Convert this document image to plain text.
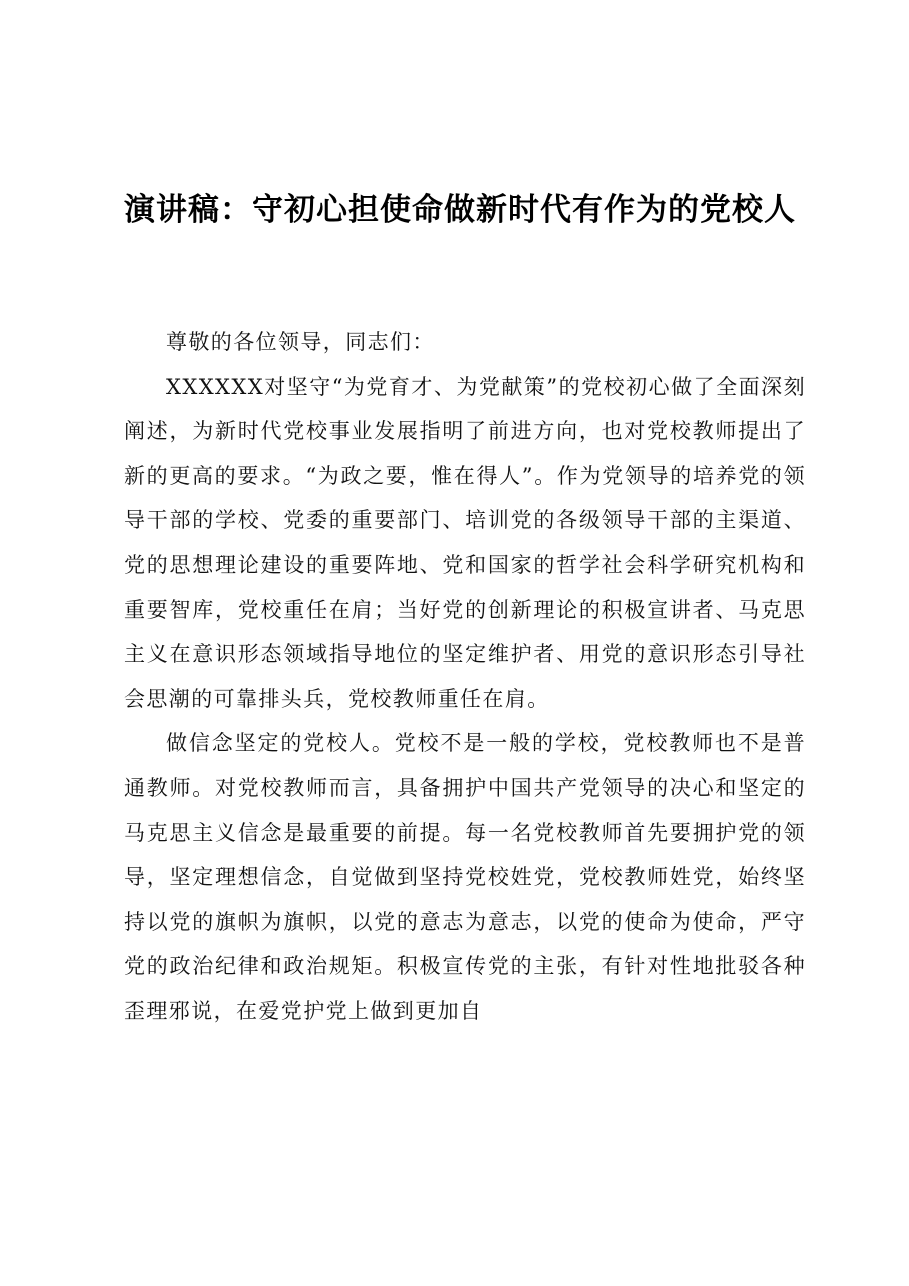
演讲稿：守初心担使命做新时代有作为的党校人

尊敬的各位领导，同志们：

XXXXXX对坚守“为党育才、为党献策”的党校初心做了全面深刻阐述，为新时代党校事业发展指明了前进方向，也对党校教师提出了新的更高的要求。“为政之要，惟在得人”。作为党领导的培养党的领导干部的学校、党委的重要部门、培训党的各级领导干部的主渠道、党的思想理论建设的重要阵地、党和国家的哲学社会科学研究机构和重要智库，党校重任在肩；当好党的创新理论的积极宣讲者、马克思主义在意识形态领域指导地位的坚定维护者、用党的意识形态引导社会思潮的可靠排头兵，党校教师重任在肩。

做信念坚定的党校人。党校不是一般的学校，党校教师也不是普通教师。对党校教师而言，具备拥护中国共产党领导的决心和坚定的马克思主义信念是最重要的前提。每一名党校教师首先要拥护党的领导，坚定理想信念，自觉做到坚持党校姓党，党校教师姓党，始终坚持以党的旗帜为旗帜，以党的意志为意志，以党的使命为使命，严守党的政治纪律和政治规矩。积极宣传党的主张，有针对性地批驳各种歪理邪说，在爱党护党上做到更加自
